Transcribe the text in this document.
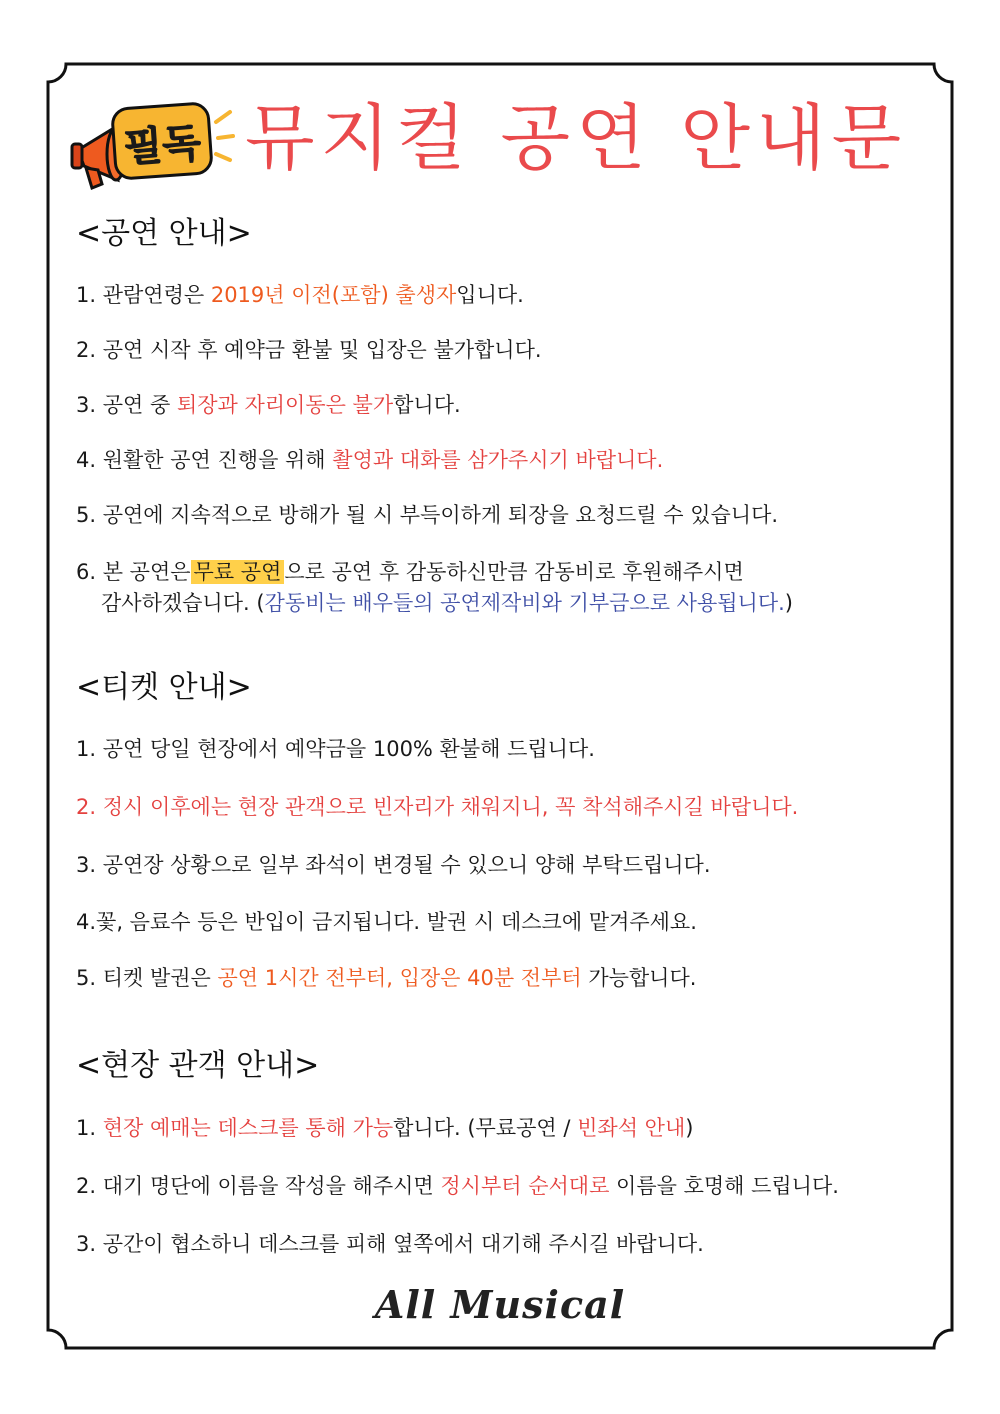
필독 뮤지컬 공연 안내문
<공연 안내>
1. 관람연령은 2019년 이전(포함) 출생자입니다.
2. 공연 시작 후 예약금 환불 및 입장은 불가합니다.
3. 공연 중 퇴장과 자리이동은 불가합니다.
4. 원활한 공연 진행을 위해 촬영과 대화를 삼가주시기 바랍니다.
5. 공연에 지속적으로 방해가 될 시 부득이하게 퇴장을 요청드릴 수 있습니다.
6. 본 공연은 무료 공연 으로 공연 후 감동하신만큼 감동비로 후원해주시면
감사하겠습니다. (감동비는 배우들의 공연제작비와 기부금으로 사용됩니다.)
<티켓 안내>
1. 공연 당일 현장에서 예약금을 100% 환불해 드립니다.
2. 정시 이후에는 현장 관객으로 빈자리가 채워지니, 꼭 착석해주시길 바랍니다.
3. 공연장 상황으로 일부 좌석이 변경될 수 있으니 양해 부탁드립니다.
4.꽃, 음료수 등은 반입이 금지됩니다. 발권 시 데스크에 맡겨주세요.
5. 티켓 발권은 공연 1시간 전부터, 입장은 40분 전부터 가능합니다.
<현장 관객 안내>
1. 현장 예매는 데스크를 통해 가능합니다. (무료공연 / 빈좌석 안내)
2. 대기 명단에 이름을 작성을 해주시면 정시부터 순서대로 이름을 호명해 드립니다.
3. 공간이 협소하니 데스크를 피해 옆쪽에서 대기해 주시길 바랍니다.
All Musical
